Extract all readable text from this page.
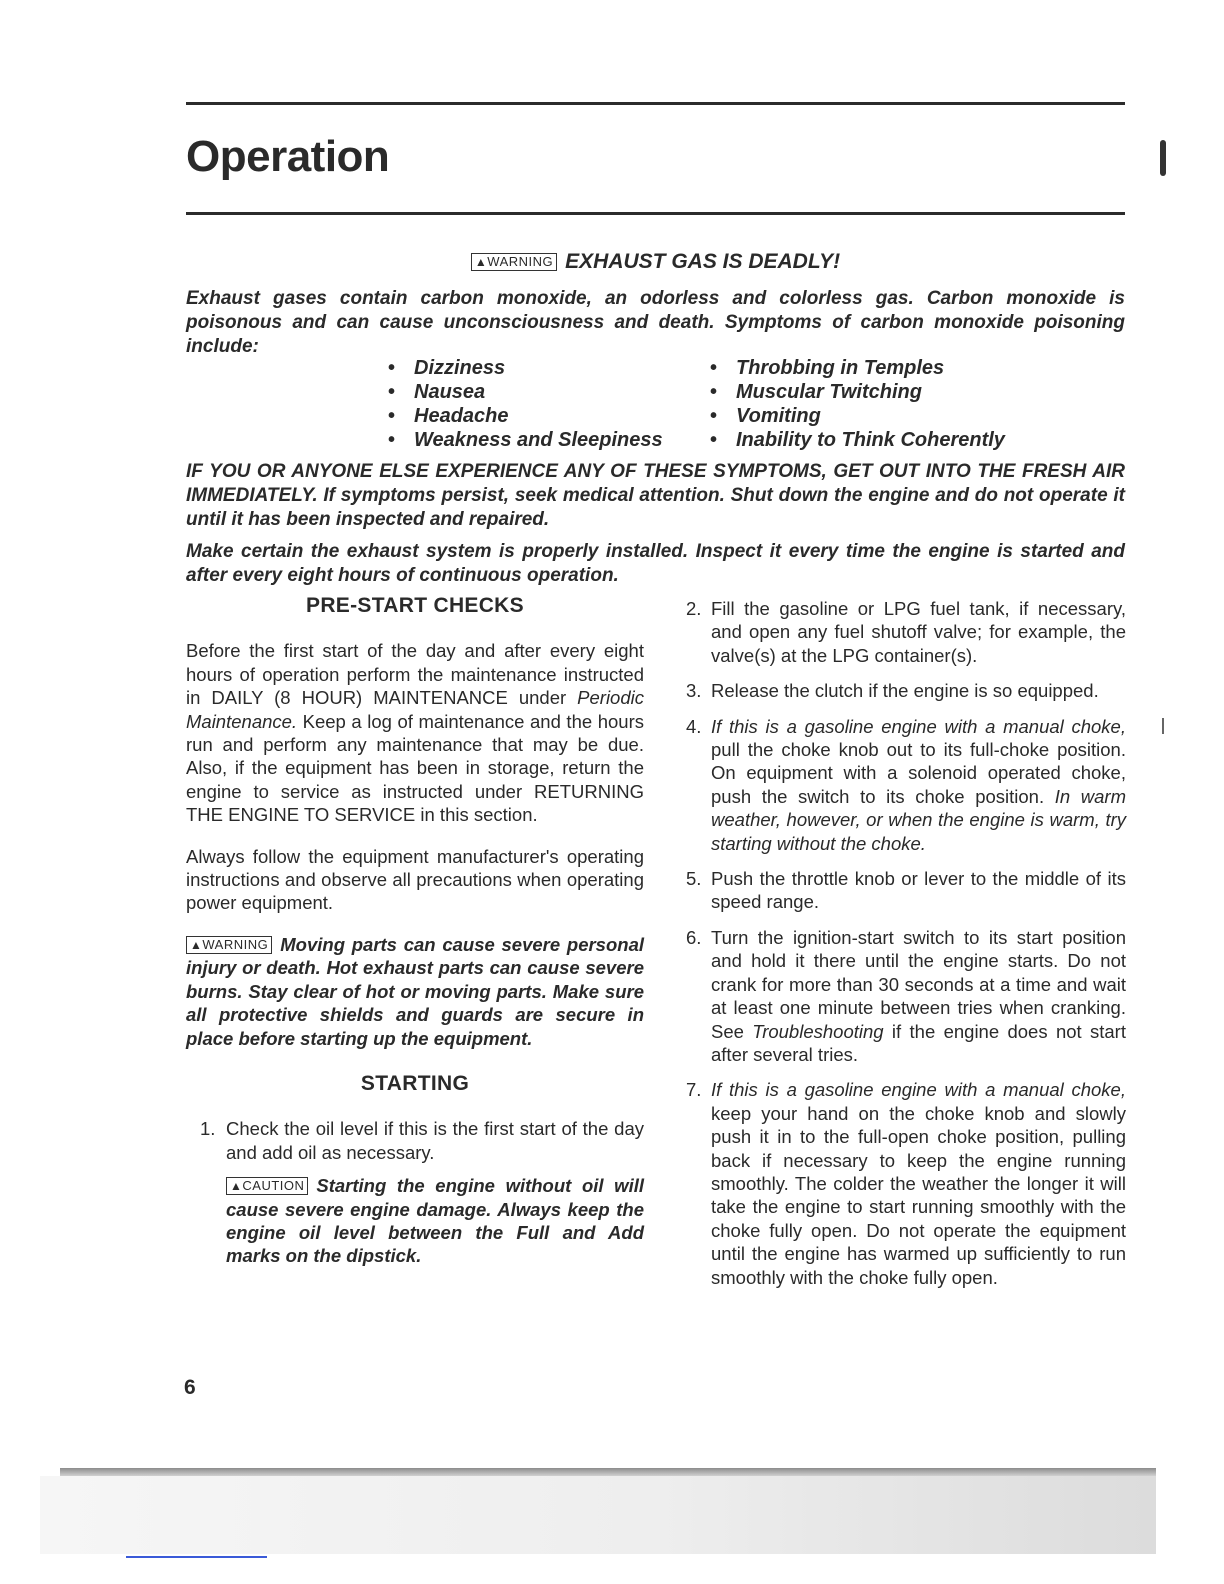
Operation
▲WARNING EXHAUST GAS IS DEADLY!
Exhaust gases contain carbon monoxide, an odorless and colorless gas. Carbon monoxide is poisonous and can cause unconsciousness and death. Symptoms of carbon monoxide poisoning include:
• Dizziness
• Nausea
• Headache
• Weakness and Sleepiness
• Throbbing in Temples
• Muscular Twitching
• Vomiting
• Inability to Think Coherently
IF YOU OR ANYONE ELSE EXPERIENCE ANY OF THESE SYMPTOMS, GET OUT INTO THE FRESH AIR IMMEDIATELY. If symptoms persist, seek medical attention. Shut down the engine and do not operate it until it has been inspected and repaired.
Make certain the exhaust system is properly installed. Inspect it every time the engine is started and after every eight hours of continuous operation.
PRE-START CHECKS

Before the first start of the day and after every eight hours of operation perform the maintenance instructed in DAILY (8 HOUR) MAINTENANCE under Periodic Maintenance. Keep a log of maintenance and the hours run and perform any maintenance that may be due. Also, if the equipment has been in storage, return the engine to service as instructed under RETURNING THE ENGINE TO SERVICE in this section.

Always follow the equipment manufacturer's operating instructions and observe all precautions when operating power equipment.

▲WARNING Moving parts can cause severe personal injury or death. Hot exhaust parts can cause severe burns. Stay clear of hot or moving parts. Make sure all protective shields and guards are secure in place before starting up the equipment.

STARTING
1. Check the oil level if this is the first start of the day and add oil as necessary.
▲CAUTION Starting the engine without oil will cause severe engine damage. Always keep the engine oil level between the Full and Add marks on the dipstick.
2. Fill the gasoline or LPG fuel tank, if necessary, and open any fuel shutoff valve; for example, the valve(s) at the LPG container(s).
3. Release the clutch if the engine is so equipped.
4. If this is a gasoline engine with a manual choke, pull the choke knob out to its full-choke position. On equipment with a solenoid operated choke, push the switch to its choke position. In warm weather, however, or when the engine is warm, try starting without the choke.
5. Push the throttle knob or lever to the middle of its speed range.
6. Turn the ignition-start switch to its start position and hold it there until the engine starts. Do not crank for more than 30 seconds at a time and wait at least one minute between tries when cranking. See Troubleshooting if the engine does not start after several tries.
7. If this is a gasoline engine with a manual choke, keep your hand on the choke knob and slowly push it in to the full-open choke position, pulling back if necessary to keep the engine running smoothly. The colder the weather the longer it will take the engine to start running smoothly with the choke fully open. Do not operate the equipment until the engine has warmed up sufficiently to run smoothly with the choke fully open.
6
